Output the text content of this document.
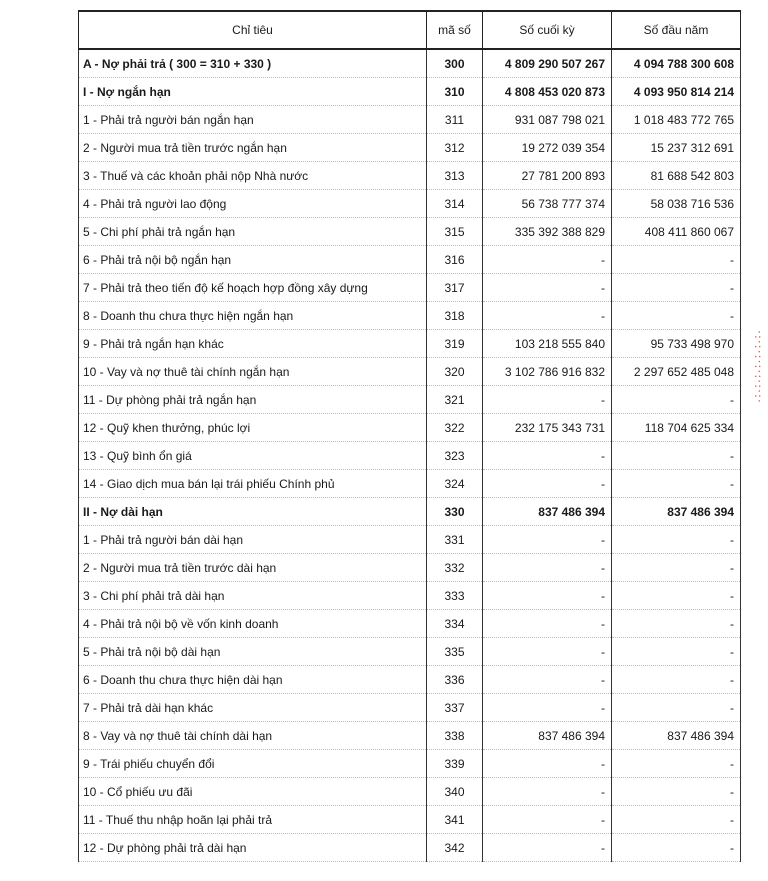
Chỉ tiêu	mã số	Số cuối kỳ	Số đầu năm
A - Nợ phải trả ( 300 = 310 + 330 )	300	4 809 290 507 267	4 094 788 300 608
I - Nợ ngắn hạn	310	4 808 453 020 873	4 093 950 814 214
1 - Phải trả người bán ngắn hạn	311	931 087 798 021	1 018 483 772 765
2 - Người mua trả tiền trước ngắn hạn	312	19 272 039 354	15 237 312 691
3 - Thuế và các khoản phải nộp Nhà nước	313	27 781 200 893	81 688 542 803
4 - Phải trả người lao động	314	56 738 777 374	58 038 716 536
5 - Chi phí phải trả ngắn hạn	315	335 392 388 829	408 411 860 067
6 - Phải trả nội bộ ngắn hạn	316	-	-
7 - Phải trả theo tiến độ kế hoạch hợp đồng xây dựng	317	-	-
8 - Doanh thu chưa thực hiện ngắn hạn	318	-	-
9 - Phải trả ngắn hạn khác	319	103 218 555 840	95 733 498 970
10 - Vay và nợ thuê tài chính ngắn hạn	320	3 102 786 916 832	2 297 652 485 048
11 - Dự phòng phải trả ngắn hạn	321	-	-
12 - Quỹ khen thưởng, phúc lợi	322	232 175 343 731	118 704 625 334
13 - Quỹ bình ổn giá	323	-	-
14 - Giao dịch mua bán lại trái phiếu Chính phủ	324	-	-
II - Nợ dài hạn	330	837 486 394	837 486 394
1 - Phải trả người bán dài hạn	331	-	-
2 - Người mua trả tiền trước dài hạn	332	-	-
3 - Chi phí phải trả dài hạn	333	-	-
4 - Phải trả nội bộ về vốn kinh doanh	334	-	-
5 - Phải trả nội bộ dài hạn	335	-	-
6 - Doanh thu chưa thực hiện dài hạn	336	-	-
7 - Phải trả dài hạn khác	337	-	-
8 - Vay và nợ thuê tài chính dài hạn	338	837 486 394	837 486 394
9 - Trái phiếu chuyển đổi	339	-	-
10 - Cổ phiếu ưu đãi	340	-	-
11 - Thuế thu nhập hoãn lại phải trả	341	-	-
12 - Dự phòng phải trả dài hạn	342	-	-
·:·:·:·:·:·:·:·
